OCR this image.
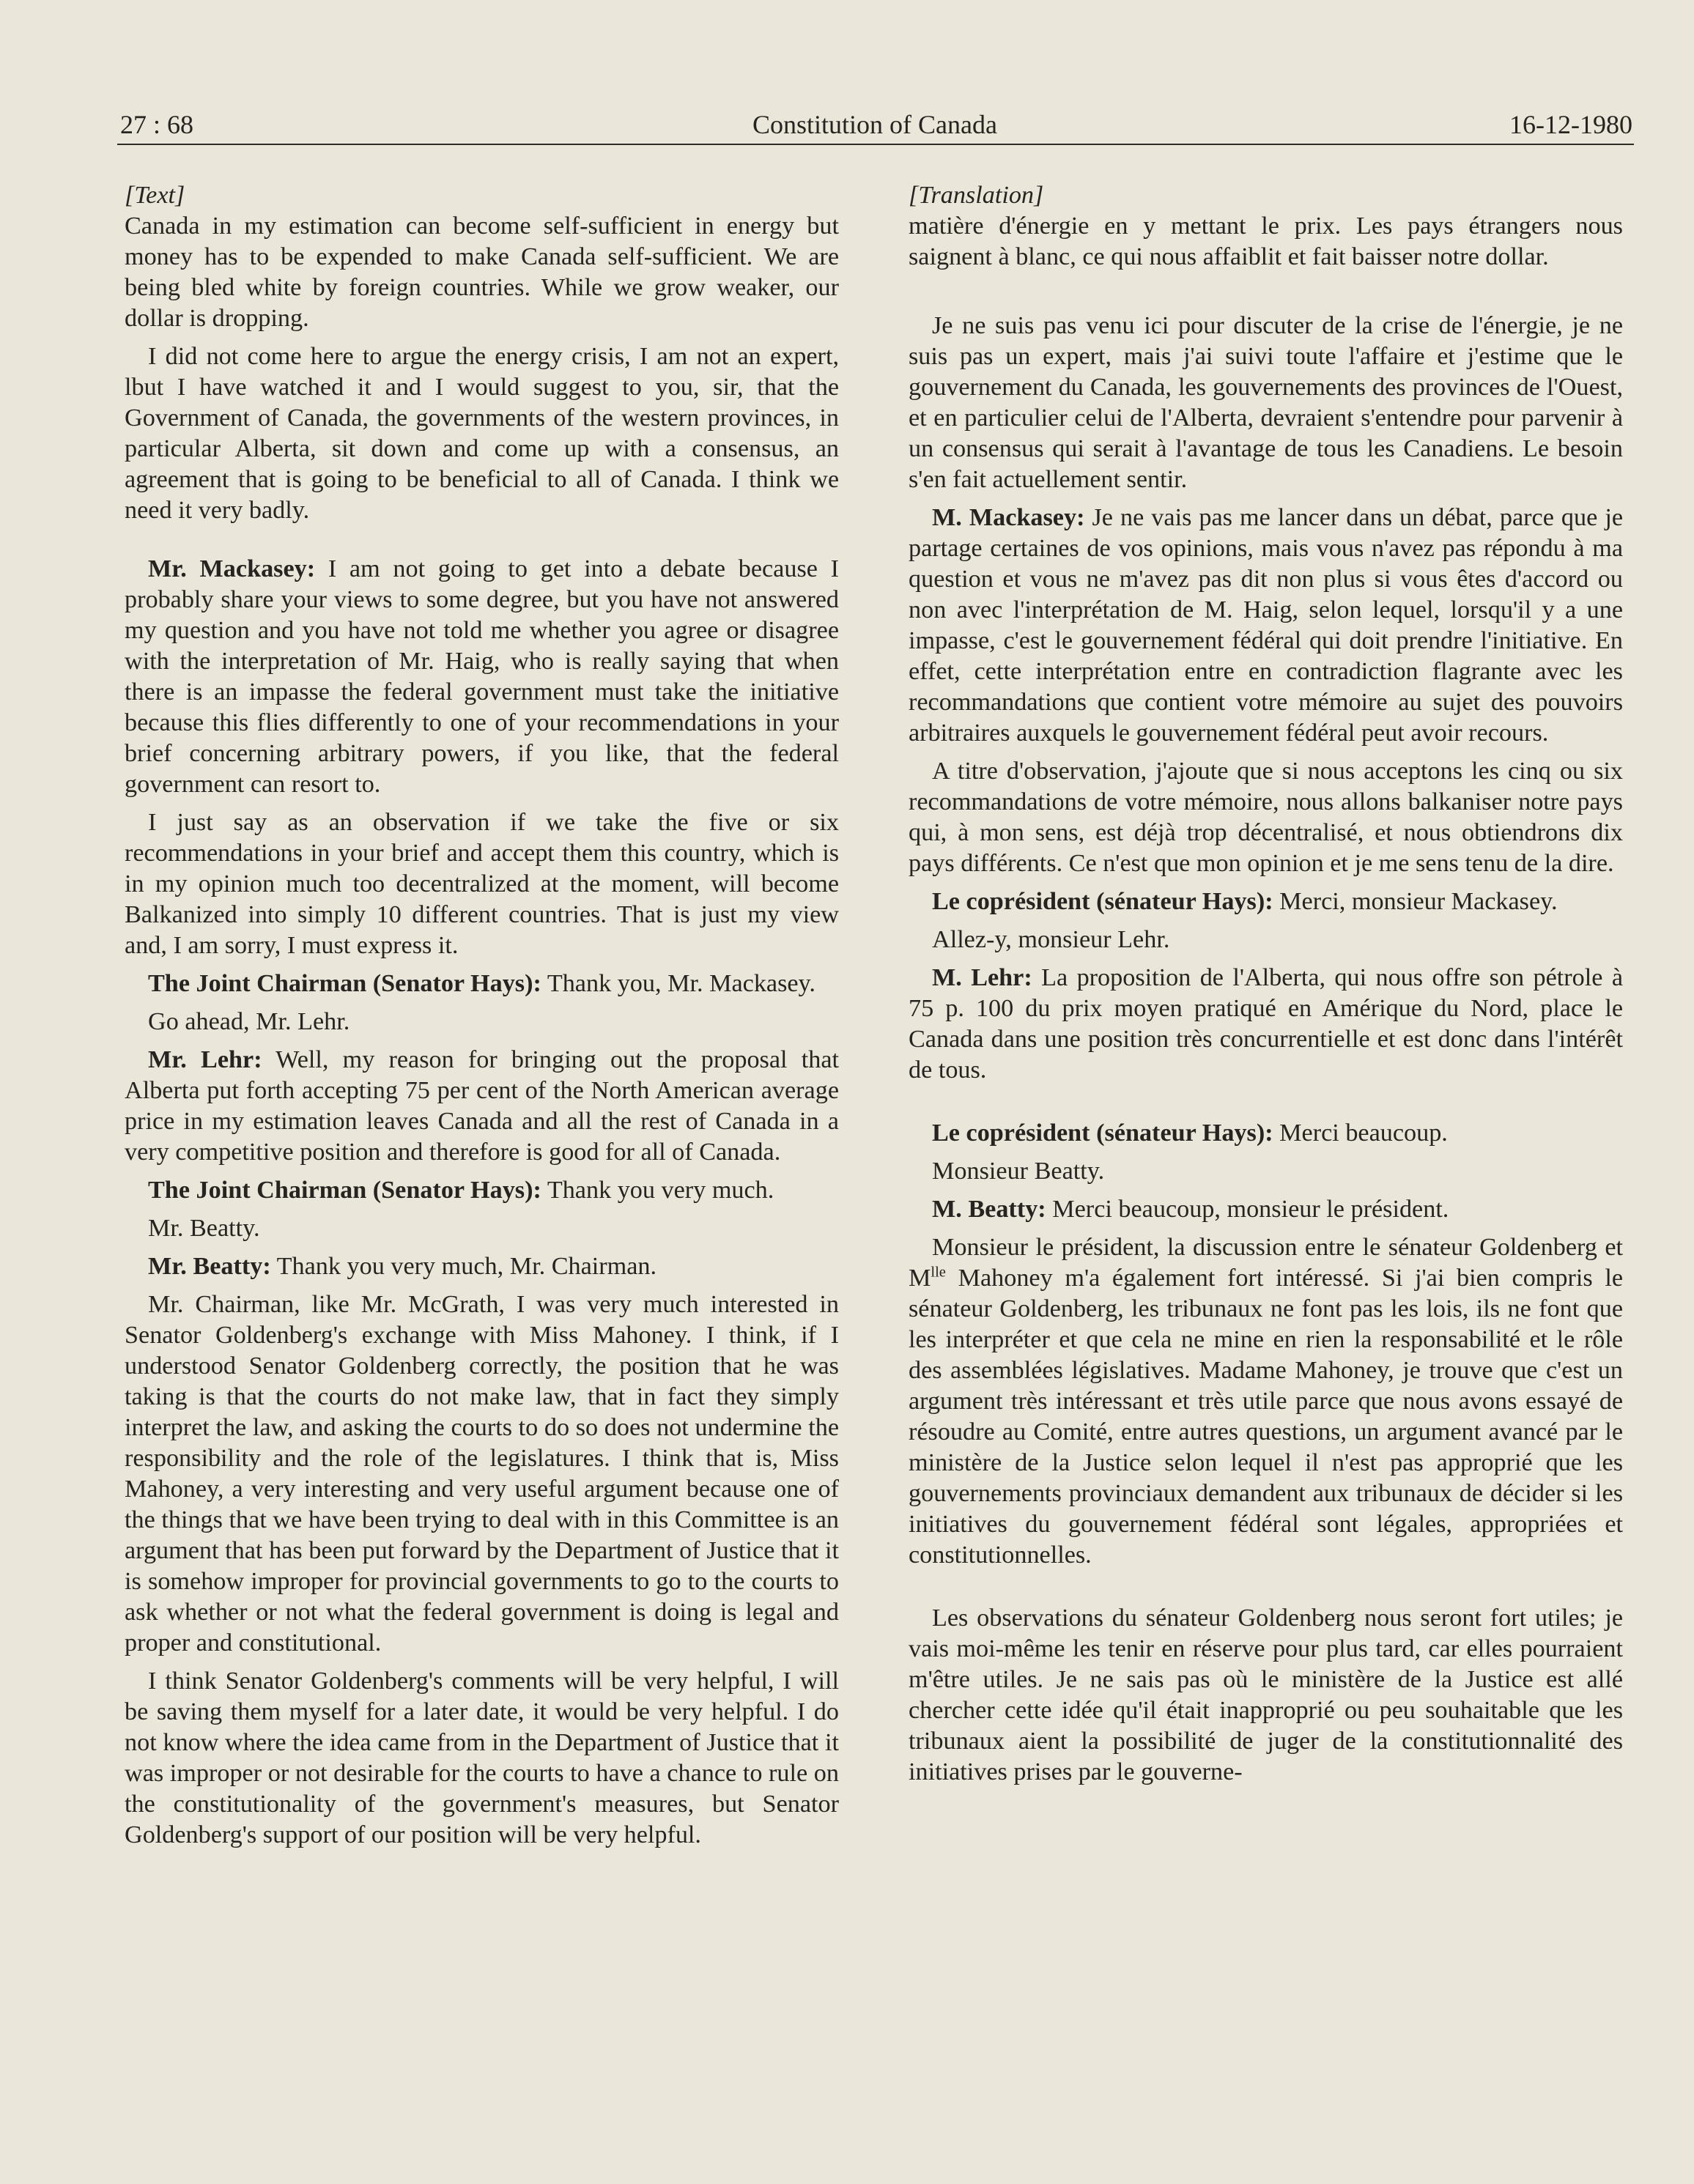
27 : 68	Constitution of Canada	16-12-1980

[Text]

Canada in my estimation can become self-sufficient in energy but money has to be expended to make Canada self-sufficient. We are being bled white by foreign countries. While we grow weaker, our dollar is dropping.

I did not come here to argue the energy crisis, I am not an expert, lbut I have watched it and I would suggest to you, sir, that the Government of Canada, the governments of the western provinces, in particular Alberta, sit down and come up with a consensus, an agreement that is going to be beneficial to all of Canada. I think we need it very badly.

Mr. Mackasey: I am not going to get into a debate because I probably share your views to some degree, but you have not answered my question and you have not told me whether you agree or disagree with the interpretation of Mr. Haig, who is really saying that when there is an impasse the federal government must take the initiative because this flies differently to one of your recommendations in your brief concerning arbitrary powers, if you like, that the federal government can resort to.

I just say as an observation if we take the five or six recommendations in your brief and accept them this country, which is in my opinion much too decentralized at the moment, will become Balkanized into simply 10 different countries. That is just my view and, I am sorry, I must express it.

The Joint Chairman (Senator Hays): Thank you, Mr. Mackasey.

Go ahead, Mr. Lehr.

Mr. Lehr: Well, my reason for bringing out the proposal that Alberta put forth accepting 75 per cent of the North American average price in my estimation leaves Canada and all the rest of Canada in a very competitive position and therefore is good for all of Canada.

The Joint Chairman (Senator Hays): Thank you very much.

Mr. Beatty.

Mr. Beatty: Thank you very much, Mr. Chairman.

Mr. Chairman, like Mr. McGrath, I was very much interested in Senator Goldenberg's exchange with Miss Mahoney. I think, if I understood Senator Goldenberg correctly, the position that he was taking is that the courts do not make law, that in fact they simply interpret the law, and asking the courts to do so does not undermine the responsibility and the role of the legislatures. I think that is, Miss Mahoney, a very interesting and very useful argument because one of the things that we have been trying to deal with in this Committee is an argument that has been put forward by the Department of Justice that it is somehow improper for provincial governments to go to the courts to ask whether or not what the federal government is doing is legal and proper and constitutional.

I think Senator Goldenberg's comments will be very helpful, I will be saving them myself for a later date, it would be very helpful. I do not know where the idea came from in the Department of Justice that it was improper or not desirable for the courts to have a chance to rule on the constitutionality of the government's measures, but Senator Goldenberg's support of our position will be very helpful.

[Translation]

matière d'énergie en y mettant le prix. Les pays étrangers nous saignent à blanc, ce qui nous affaiblit et fait baisser notre dollar.

Je ne suis pas venu ici pour discuter de la crise de l'énergie, je ne suis pas un expert, mais j'ai suivi toute l'affaire et j'estime que le gouvernement du Canada, les gouvernements des provinces de l'Ouest, et en particulier celui de l'Alberta, devraient s'entendre pour parvenir à un consensus qui serait à l'avantage de tous les Canadiens. Le besoin s'en fait actuellement sentir.

M. Mackasey: Je ne vais pas me lancer dans un débat, parce que je partage certaines de vos opinions, mais vous n'avez pas répondu à ma question et vous ne m'avez pas dit non plus si vous êtes d'accord ou non avec l'interprétation de M. Haig, selon lequel, lorsqu'il y a une impasse, c'est le gouvernement fédéral qui doit prendre l'initiative. En effet, cette interprétation entre en contradiction flagrante avec les recommandations que contient votre mémoire au sujet des pouvoirs arbitraires auxquels le gouvernement fédéral peut avoir recours.

A titre d'observation, j'ajoute que si nous acceptons les cinq ou six recommandations de votre mémoire, nous allons balkaniser notre pays qui, à mon sens, est déjà trop décentralisé, et nous obtiendrons dix pays différents. Ce n'est que mon opinion et je me sens tenu de la dire.

Le coprésident (sénateur Hays): Merci, monsieur Mackasey.

Allez-y, monsieur Lehr.

M. Lehr: La proposition de l'Alberta, qui nous offre son pétrole à 75 p. 100 du prix moyen pratiqué en Amérique du Nord, place le Canada dans une position très concurrentielle et est donc dans l'intérêt de tous.

Le coprésident (sénateur Hays): Merci beaucoup.

Monsieur Beatty.

M. Beatty: Merci beaucoup, monsieur le président.

Monsieur le président, la discussion entre le sénateur Goldenberg et $M^{lle}$ Mahoney m'a également fort intéressé. Si j'ai bien compris le sénateur Goldenberg, les tribunaux ne font pas les lois, ils ne font que les interpréter et que cela ne mine en rien la responsabilité et le rôle des assemblées législatives. Madame Mahoney, je trouve que c'est un argument très intéressant et très utile parce que nous avons essayé de résoudre au Comité, entre autres questions, un argument avancé par le ministère de la Justice selon lequel il n'est pas approprié que les gouvernements provinciaux demandent aux tribunaux de décider si les initiatives du gouvernement fédéral sont légales, appropriées et constitutionnelles.

Les observations du sénateur Goldenberg nous seront fort utiles; je vais moi-même les tenir en réserve pour plus tard, car elles pourraient m'être utiles. Je ne sais pas où le ministère de la Justice est allé chercher cette idée qu'il était inapproprié ou peu souhaitable que les tribunaux aient la possibilité de juger de la constitutionnalité des initiatives prises par le gouverne-
